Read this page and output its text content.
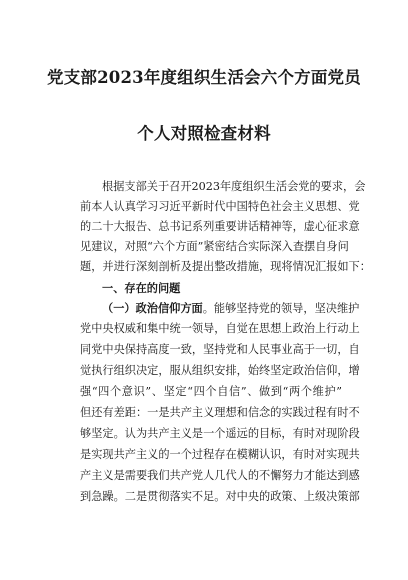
党支部2023年度组织生活会六个方面党员
个人对照检查材料
根据支部关于召开2023年度组织生活会党的要求，会
前本人认真学习习近平新时代中国特色社会主义思想、党
的二十大报告、总书记系列重要讲话精神等，虚心征求意
见建议，对照“六个方面”紧密结合实际深入查摆自身问
题，并进行深刻剖析及提出整改措施，现将情况汇报如下：
一、存在的问题
（一）政治信仰方面。能够坚持党的领导，坚决维护
党中央权威和集中统一领导，自觉在思想上政治上行动上
同党中央保持高度一致，坚持党和人民事业高于一切，自
觉执行组织决定，服从组织安排，始终坚定政治信仰，增
强“四个意识”、坚定“四个自信”、做到“两个维护”
但还有差距：一是共产主义理想和信念的实践过程有时不
够坚定。认为共产主义是一个遥远的目标，有时对现阶段
是实现共产主义的一个过程存在模糊认识，有时对实现共
产主义是需要我们共产党人几代人的不懈努力才能达到感
到急躁。二是贯彻落实不足。对中央的政策、上级决策部
